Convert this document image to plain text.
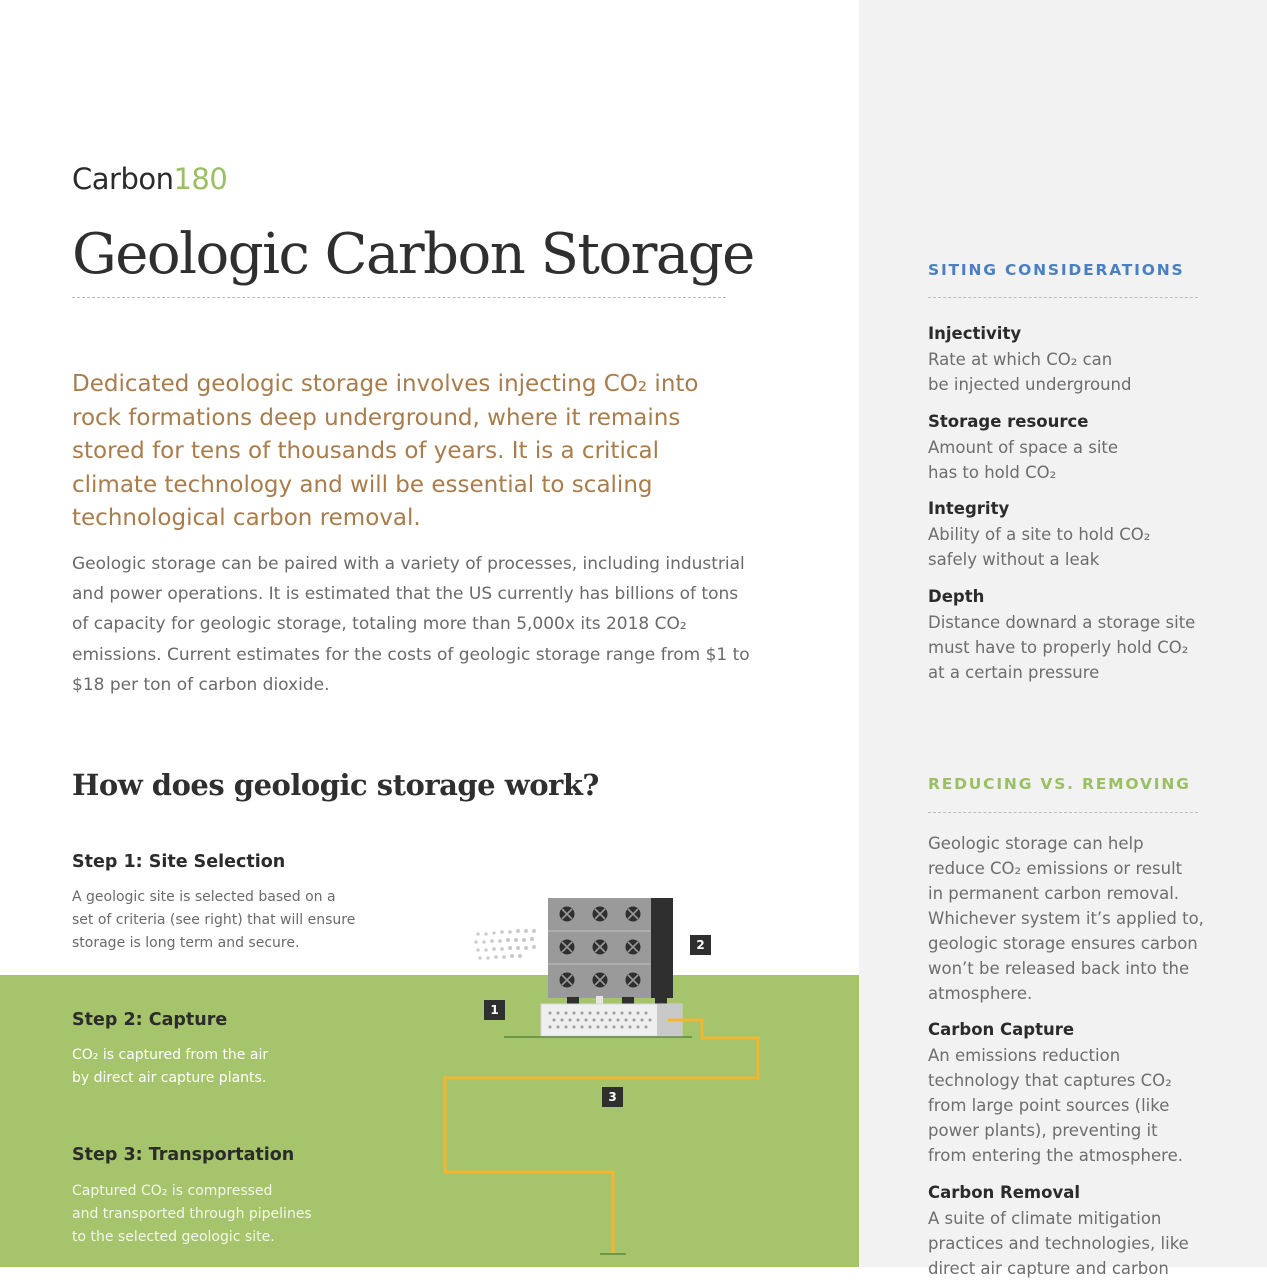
Carbon180
Geologic Carbon Storage

Dedicated geologic storage involves injecting CO₂ into rock formations deep underground, where it remains stored for tens of thousands of years. It is a critical climate technology and will be essential to scaling technological carbon removal.

Geologic storage can be paired with a variety of processes, including industrial and power operations. It is estimated that the US currently has billions of tons of capacity for geologic storage, totaling more than 5,000x its 2018 CO₂ emissions. Current estimates for the costs of geologic storage range from $1 to $18 per ton of carbon dioxide.

How does geologic storage work?
Step 1: Site Selection
A geologic site is selected based on a
set of criteria (see right) that will ensure
storage is long term and secure.
Step 2: Capture
CO₂ is captured from the air
by direct air capture plants.
Step 3: Transportation
Captured CO₂ is compressed
and transported through pipelines
to the selected geologic site.
1
2
3
SITING CONSIDERATIONS
Injectivity
Rate at which CO₂ can
be injected underground
Storage resource
Amount of space a site
has to hold CO₂
Integrity
Ability of a site to hold CO₂
safely without a leak
Depth
Distance downard a storage site
must have to properly hold CO₂
at a certain pressure
REDUCING VS. REMOVING
Geologic storage can help
reduce CO₂ emissions or result
in permanent carbon removal.
Whichever system it’s applied to,
geologic storage ensures carbon
won’t be released back into the
atmosphere.
Carbon Capture
An emissions reduction
technology that captures CO₂
from large point sources (like
power plants), preventing it
from entering the atmosphere.
Carbon Removal
A suite of climate mitigation
practices and technologies, like
direct air capture and carbon
